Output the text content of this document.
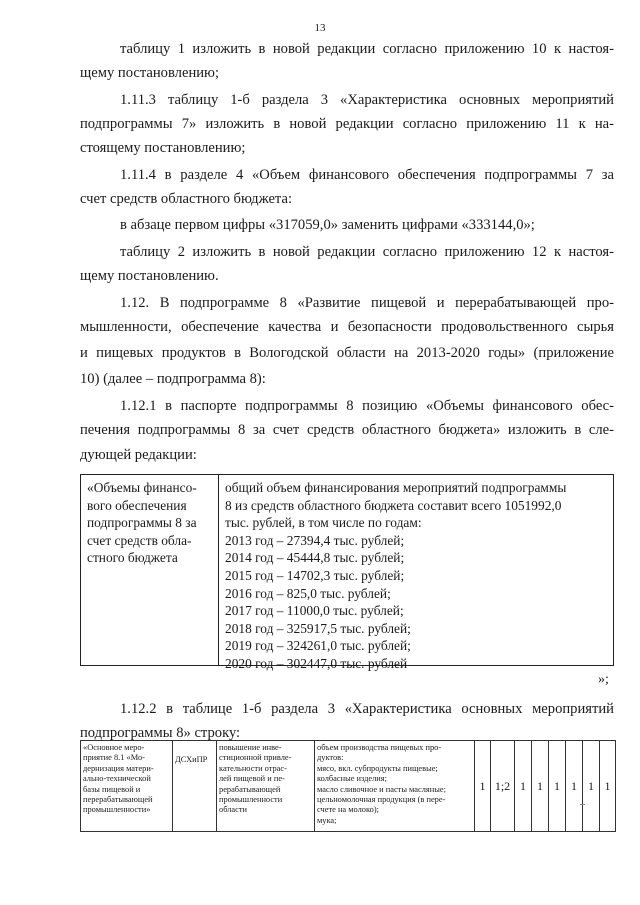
13
таблицу 1 изложить в новой редакции согласно приложению 10 к настоя-
щему постановлению;
1.11.3 таблицу 1-б раздела 3 «Характеристика основных мероприятий
подпрограммы 7» изложить в новой редакции согласно приложению 11 к на-
стоящему постановлению;
1.11.4 в разделе 4 «Объем финансового обеспечения подпрограммы 7 за
счет средств областного бюджета:
в абзаце первом цифры «317059,0» заменить цифрами «333144,0»;
таблицу 2 изложить в новой редакции согласно приложению 12 к настоя-
щему постановлению.
1.12. В подпрограмме 8 «Развитие пищевой и перерабатывающей про-
мышленности, обеспечение качества и безопасности продовольственного сырья
и пищевых продуктов в Вологодской области на 2013-2020 годы» (приложение
10) (далее – подпрограмма 8):
1.12.1 в паспорте подпрограммы 8 позицию «Объемы финансового обес-
печения подпрограммы 8 за счет средств областного бюджета» изложить в сле-
дующей редакции:
«Объемы финансо-
вого обеспечения
подпрограммы 8 за
счет средств обла-
стного бюджета
общий объем финансирования мероприятий подпрограммы
8 из средств областного бюджета составит всего 1051992,0
тыс. рублей, в том числе по годам:
2013 год – 27394,4 тыс. рублей;
2014 год – 45444,8 тыс. рублей;
2015 год – 14702,3 тыс. рублей;
2016 год – 825,0 тыс. рублей;
2017 год – 11000,0 тыс. рублей;
2018 год – 325917,5 тыс. рублей;
2019 год – 324261,0 тыс. рублей;
2020 год – 302447,0 тыс. рублей
»;
1.12.2 в таблице 1-б раздела 3 «Характеристика основных мероприятий
подпрограммы 8» строку:
«Основное меро-
приятие 8.1 «Мо-
дернизация матери-
ально-технической
базы пищевой и
перерабатывающей
промышленности»
ДСХиПР
повышение инве-
стиционной привле-
кательности отрас-
лей пищевой и пе-
рерабатывающей
промышленности
области
объем производства пищевых про-
дуктов:
мясо, вкл. субпродукты пищевые;
колбасные изделия;
масло сливочное и пасты масляные;
цельномолочная продукция (в пере-
счете на молоко);
мука;
1 1;2 1 1 1 1 1 1
